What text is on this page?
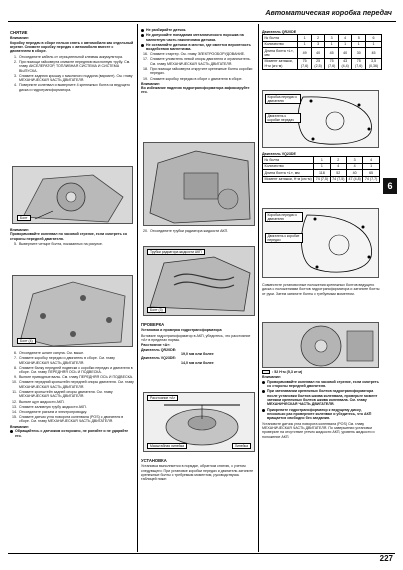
Автоматическая коробка передач
СНЯТИЕ
Внимание:
Коробку передач в сборе нельзя снять с автомобиля как отдельный агрегат. Снимите коробку передач с автомобиля вместе с двигателем в сборе.
1. Отсоедините кабель от отрицательной клеммы аккумулятора.
2. При помощи гайковерта снимите переднюю выхлопную трубу. См. главу АКСЕЛЕРАТОР, ТОПЛИВНАЯ СИСТЕМА И СИСТЕМА ВЫПУСКА.
3. Снимите заднюю крышку с масляного поддона (вариант). См. главу МЕХАНИЧЕСКАЯ ЧАСТЬ ДВИГАТЕЛЯ.
4. Поверните коленвал и выверните 4 крепежных болта из ведущего диска и гидротрансформатора.
Болт
Внимание:
Проворачивайте коленвал по часовой стрелке, если смотреть со стороны передней двигателя.
5. Выверните четыре болта, показанных на рисунке.
Болт (4)
6. Отсоедините шланг сапуна. См. выше.
7. Снимите коробку передач и двигатель в сборе. См. главу МЕХАНИЧЕСКАЯ ЧАСТЬ ДВИГАТЕЛЯ.
8. Снимите балку передней подвески с коробки передач и двигателя в сборе. См. главу ПЕРЕДНЯЯ ОСЬ И ПОДВЕСКА.
9. Выньте приводные валы. См. главу ПЕРЕДНЯЯ ОСЬ И ПОДВЕСКА.
10. Снимите передний кронштейн передней опоры двигателя. См. главу МЕХАНИЧЕСКАЯ ЧАСТЬ ДВИГАТЕЛЯ.
11. Снимите кронштейн задней опоры двигателя. См. главу МЕХАНИЧЕСКАЯ ЧАСТЬ ДВИГАТЕЛЯ.
12. Выньте щуп жидкости АКП.
13. Снимите заливную трубу жидкости АКП.
14. Отсоедините разъем и электропроводку.
15. Снимите датчик угла поворота коленвала (POS) с двигателя в сборе. См. главу МЕХАНИЧЕСКАЯ ЧАСТЬ ДВИГАТЕЛЯ.
Внимание:
Обращайтесь с датчиком осторожно, не роняйте и не ударяйте его.
Не разбирайте датчик.
Не допускайте попадания металлического порошка на магнитную часть наконечника датчика.
Не оставляйте датчики в местах, где имеется вероятность воздействия магнетизма.
16. Снимите стартер. См. главу ЭЛЕКТРООБОРУДОВАНИЕ.
17. Снимите уловитель левой опоры двигателя и ограничитель. См. главу МЕХАНИЧЕСКАЯ ЧАСТЬ ДВИГАТЕЛЯ.
18. При помощи гайковерта открутите крепежные болты коробки передач.
19. Снимите коробку передач в сборе с двигателя в сборе.
Внимание:
Во избежание падения гидротрансформатора зафиксируйте его.
20. Отсоедините трубки радиатора жидкости АКП.
Трубки радиатора жидкости АКП
Болт (3)
ПРОВЕРКА
Установка и проверка гидротрансформатора
Вставьте гидротрансформатор в АКП, убедитесь, что расстояние «А» в пределах нормы.
Расстояние «А»:
Двигатель QR20DE:
19,0 мм или более
Двигатель VQ23DE:
14,0 мм или более
Расстояние «А»
Масштабная линейка	Линейка
УСТАНОВКА
Установка выполняется в порядке, обратном снятию, с учетом следующего: При установке коробки передач и двигатель затяните крепежные болты с требуемым моментом, руководствуясь таблицей ниже:
Двигатель QR20DE
№ болта	1	2	3	4	5	6
Количество	1	3	1	1	1	1
Длина болта «L», мм	49	40	45	40	30	45
Момент затяжки, Н·м (кгс·м)	75 (7,6)	25 (2,5)	75 (7,6)	43 (4,4)	75 (7,6)	3,5 (0,36)
Коробка передач к двигателю
Двигатель к коробке передач
Двигатель VQ23DE
№ болта	1	2	3	4
Количество	1	4	4	1
Длина болта «L», мм	118	52	40	65
Момент затяжки, Н·м (кгс·м)	74 (7,5)	74 (7,5)	47 (4,8)	74 (7,7)
Коробка передач к двигателю
Двигатель к коробке передач
Совместите установочные положения крепежных болтов ведущего диска с положениями болтов гидротрансформатора и затяните болты от руки. Затем затяните болты с требуемым моментом.
: 52 Н·м (5,3 кг·м)
Внимание:
Проворачивайте коленвал по часовой стрелке, если смотреть со стороны передней двигателя.
При затягивании крепежных болтов гидротрансформатора после установки болтов шкива коленвала, проверьте момент затяжки крепежных болтов шкива коленвала. См. главу МЕХАНИЧЕСКАЯ ЧАСТЬ ДВИГАТЕЛЯ.
Прикрепите гидротрансформатор к ведущему диску, несколько раз проверните коленвал и убедитесь, что АКП вращается свободно без заедания.
Установите датчик угла поворота коленвала (POS) См. главу МЕХАНИЧЕСКАЯ ЧАСТЬ ДВИГАТЕЛЯ. По завершении установки проверьте на отсутствие утечек жидкости АКП, уровень жидкости и положение АКП.
6
227
